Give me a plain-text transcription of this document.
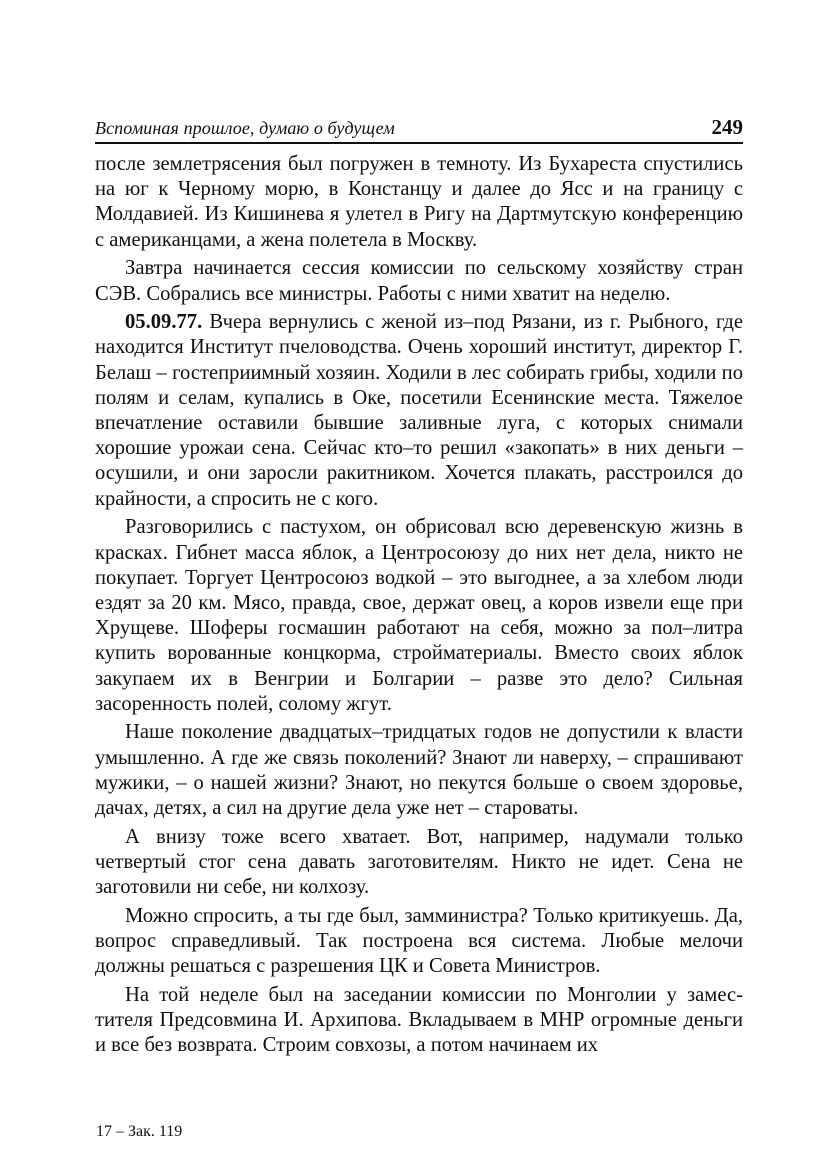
Вспоминая прошлое, думаю о будущем	249

после землетрясения был погружен в темноту. Из Бухареста спустились на юг к Черному морю, в Констанцу и далее до Ясс и на границу с Молдавией. Из Кишинева я улетел в Ригу на Дартмутскую конференцию с американцами, а жена полетела в Москву.

Завтра начинается сессия комиссии по сельскому хозяйству стран СЭВ. Собрались все министры. Работы с ними хватит на неделю.

05.09.77. Вчера вернулись с женой из–под Рязани, из г. Рыбного, где находится Институт пчеловодства. Очень хороший институт, директор Г. Белаш – гостеприимный хозяин. Ходили в лес собирать грибы, ходили по полям и селам, купались в Оке, посетили Есенинские места. Тяжелое впечатление оставили бывшие заливные луга, с которых снимали хорошие урожаи сена. Сейчас кто–то решил «закопать» в них деньги – осушили, и они заросли ракитником. Хочется плакать, расстроился до крайности, а спросить не с кого.

Разговорились с пастухом, он обрисовал всю деревенскую жизнь в красках. Гибнет масса яблок, а Центросоюзу до них нет дела, никто не покупает. Торгует Центросоюз водкой – это выгоднее, а за хлебом люди ездят за 20 км. Мясо, правда, свое, держат овец, а коров извели еще при Хрущеве. Шоферы госмашин работают на себя, можно за пол–литра купить ворованные концкорма, стройматериалы. Вместо своих яблок закупаем их в Венгрии и Болгарии – разве это дело? Сильная засоренность полей, солому жгут.

Наше поколение двадцатых–тридцатых годов не допустили к власти умышленно. А где же связь поколений? Знают ли наверху, – спрашивают мужики, – о нашей жизни? Знают, но пекутся больше о своем здоровье, дачах, детях, а сил на другие дела уже нет – староваты.

А внизу тоже всего хватает. Вот, например, надумали только четвертый стог сена давать заготовителям. Никто не идет. Сена не заготовили ни себе, ни колхозу.

Можно спросить, а ты где был, замминистра? Только критикуешь. Да, вопрос справедливый. Так построена вся система. Любые мелочи должны решаться с разрешения ЦК и Совета Министров.

На той неделе был на заседании комиссии по Монголии у заместителя Предсовмина И. Архипова. Вкладываем в МНР огромные деньги и все без возврата. Строим совхозы, а потом начинаем их

17 – Зак. 119
